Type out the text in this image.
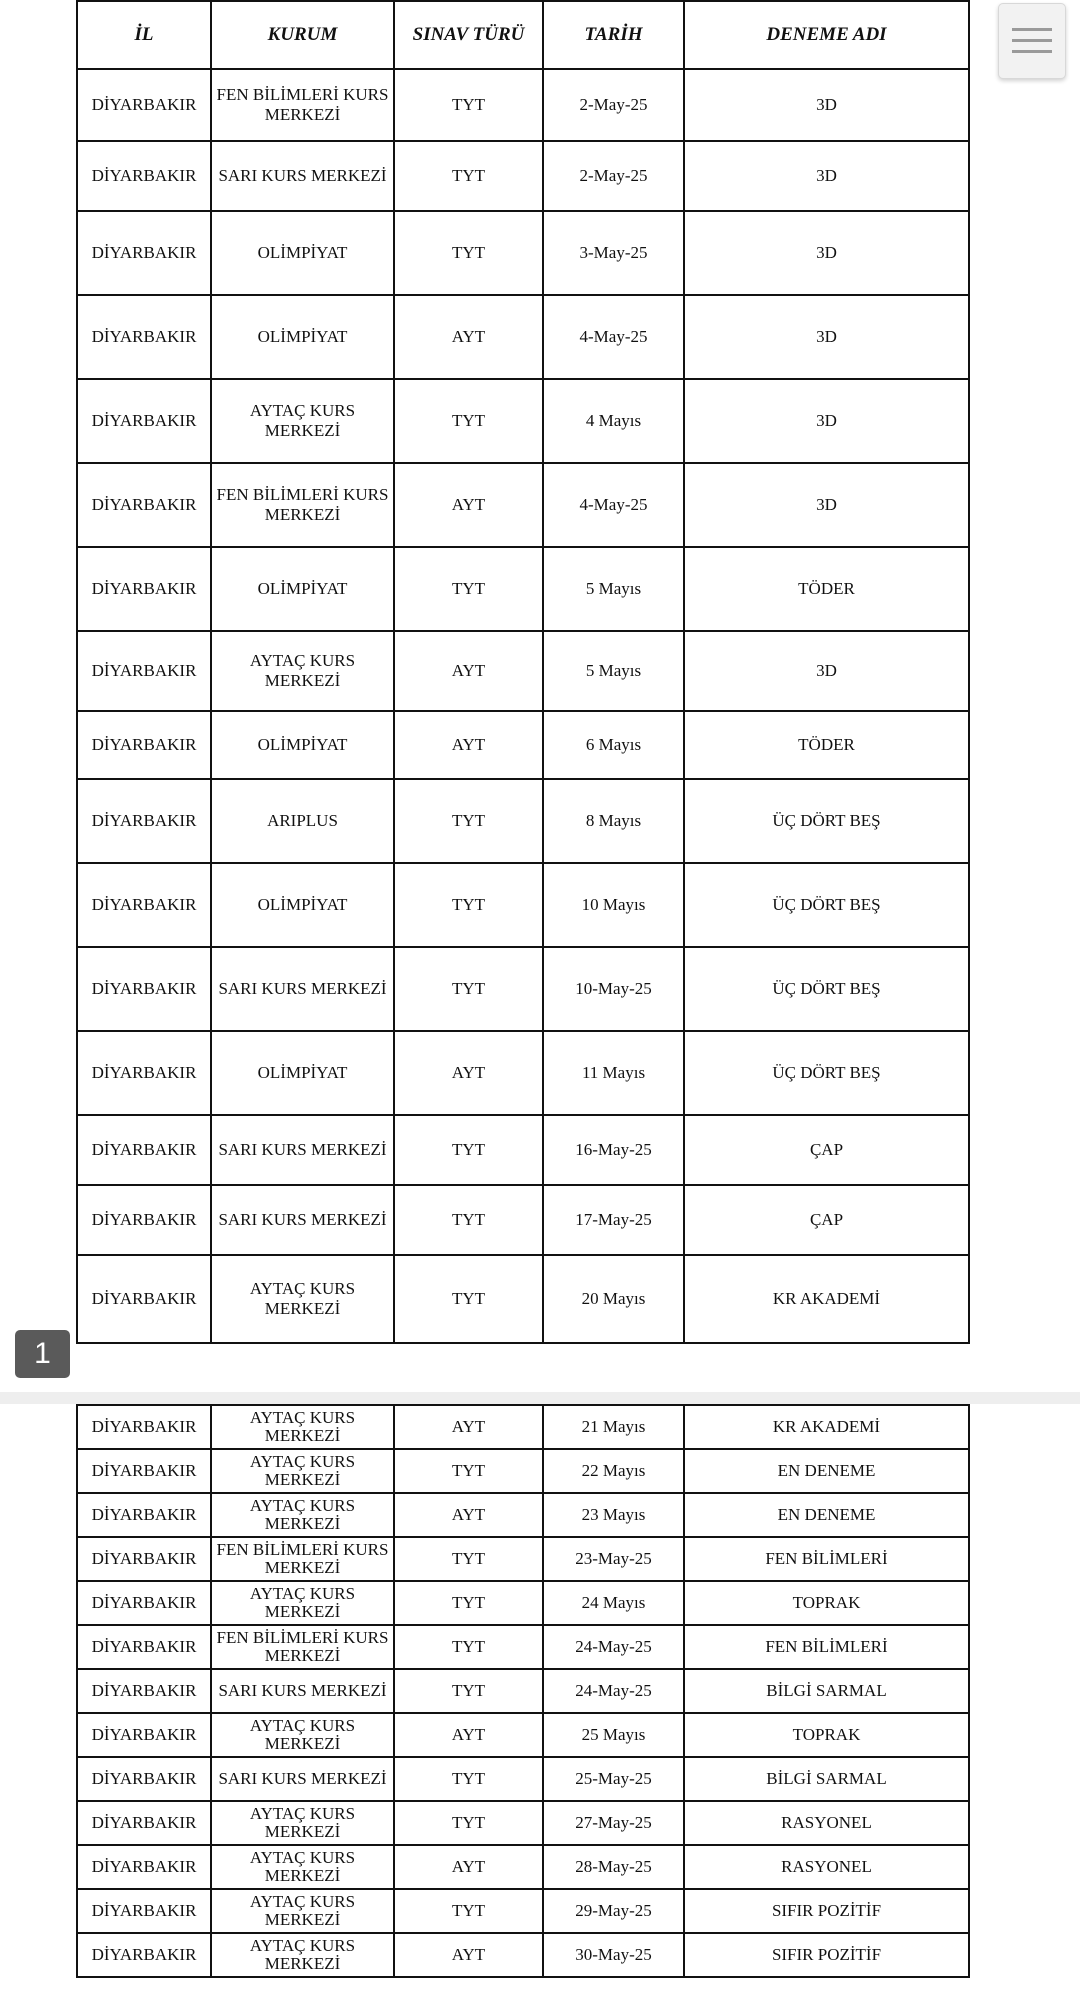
İL	KURUM	SINAV TÜRÜ	TARİH	DENEME ADI
DİYARBAKIR	FEN BİLİMLERİ KURS MERKEZİ	TYT	2-May-25	3D
DİYARBAKIR	SARI KURS MERKEZİ	TYT	2-May-25	3D
DİYARBAKIR	OLİMPİYAT	TYT	3-May-25	3D
DİYARBAKIR	OLİMPİYAT	AYT	4-May-25	3D
DİYARBAKIR	AYTAÇ KURS MERKEZİ	TYT	4 Mayıs	3D
DİYARBAKIR	FEN BİLİMLERİ KURS MERKEZİ	AYT	4-May-25	3D
DİYARBAKIR	OLİMPİYAT	TYT	5 Mayıs	TÖDER
DİYARBAKIR	AYTAÇ KURS MERKEZİ	AYT	5 Mayıs	3D
DİYARBAKIR	OLİMPİYAT	AYT	6 Mayıs	TÖDER
DİYARBAKIR	ARIPLUS	TYT	8 Mayıs	ÜÇ DÖRT BEŞ
DİYARBAKIR	OLİMPİYAT	TYT	10 Mayıs	ÜÇ DÖRT BEŞ
DİYARBAKIR	SARI KURS MERKEZİ	TYT	10-May-25	ÜÇ DÖRT BEŞ
DİYARBAKIR	OLİMPİYAT	AYT	11 Mayıs	ÜÇ DÖRT BEŞ
DİYARBAKIR	SARI KURS MERKEZİ	TYT	16-May-25	ÇAP
DİYARBAKIR	SARI KURS MERKEZİ	TYT	17-May-25	ÇAP
DİYARBAKIR	AYTAÇ KURS MERKEZİ	TYT	20 Mayıs	KR AKADEMİ
1
DİYARBAKIR	AYTAÇ KURS MERKEZİ	AYT	21 Mayıs	KR AKADEMİ
DİYARBAKIR	AYTAÇ KURS MERKEZİ	TYT	22 Mayıs	EN DENEME
DİYARBAKIR	AYTAÇ KURS MERKEZİ	AYT	23 Mayıs	EN DENEME
DİYARBAKIR	FEN BİLİMLERİ KURS MERKEZİ	TYT	23-May-25	FEN BİLİMLERİ
DİYARBAKIR	AYTAÇ KURS MERKEZİ	TYT	24 Mayıs	TOPRAK
DİYARBAKIR	FEN BİLİMLERİ KURS MERKEZİ	TYT	24-May-25	FEN BİLİMLERİ
DİYARBAKIR	SARI KURS MERKEZİ	TYT	24-May-25	BİLGİ SARMAL
DİYARBAKIR	AYTAÇ KURS MERKEZİ	AYT	25 Mayıs	TOPRAK
DİYARBAKIR	SARI KURS MERKEZİ	TYT	25-May-25	BİLGİ SARMAL
DİYARBAKIR	AYTAÇ KURS MERKEZİ	TYT	27-May-25	RASYONEL
DİYARBAKIR	AYTAÇ KURS MERKEZİ	AYT	28-May-25	RASYONEL
DİYARBAKIR	AYTAÇ KURS MERKEZİ	TYT	29-May-25	SIFIR POZİTİF
DİYARBAKIR	AYTAÇ KURS MERKEZİ	AYT	30-May-25	SIFIR POZİTİF
